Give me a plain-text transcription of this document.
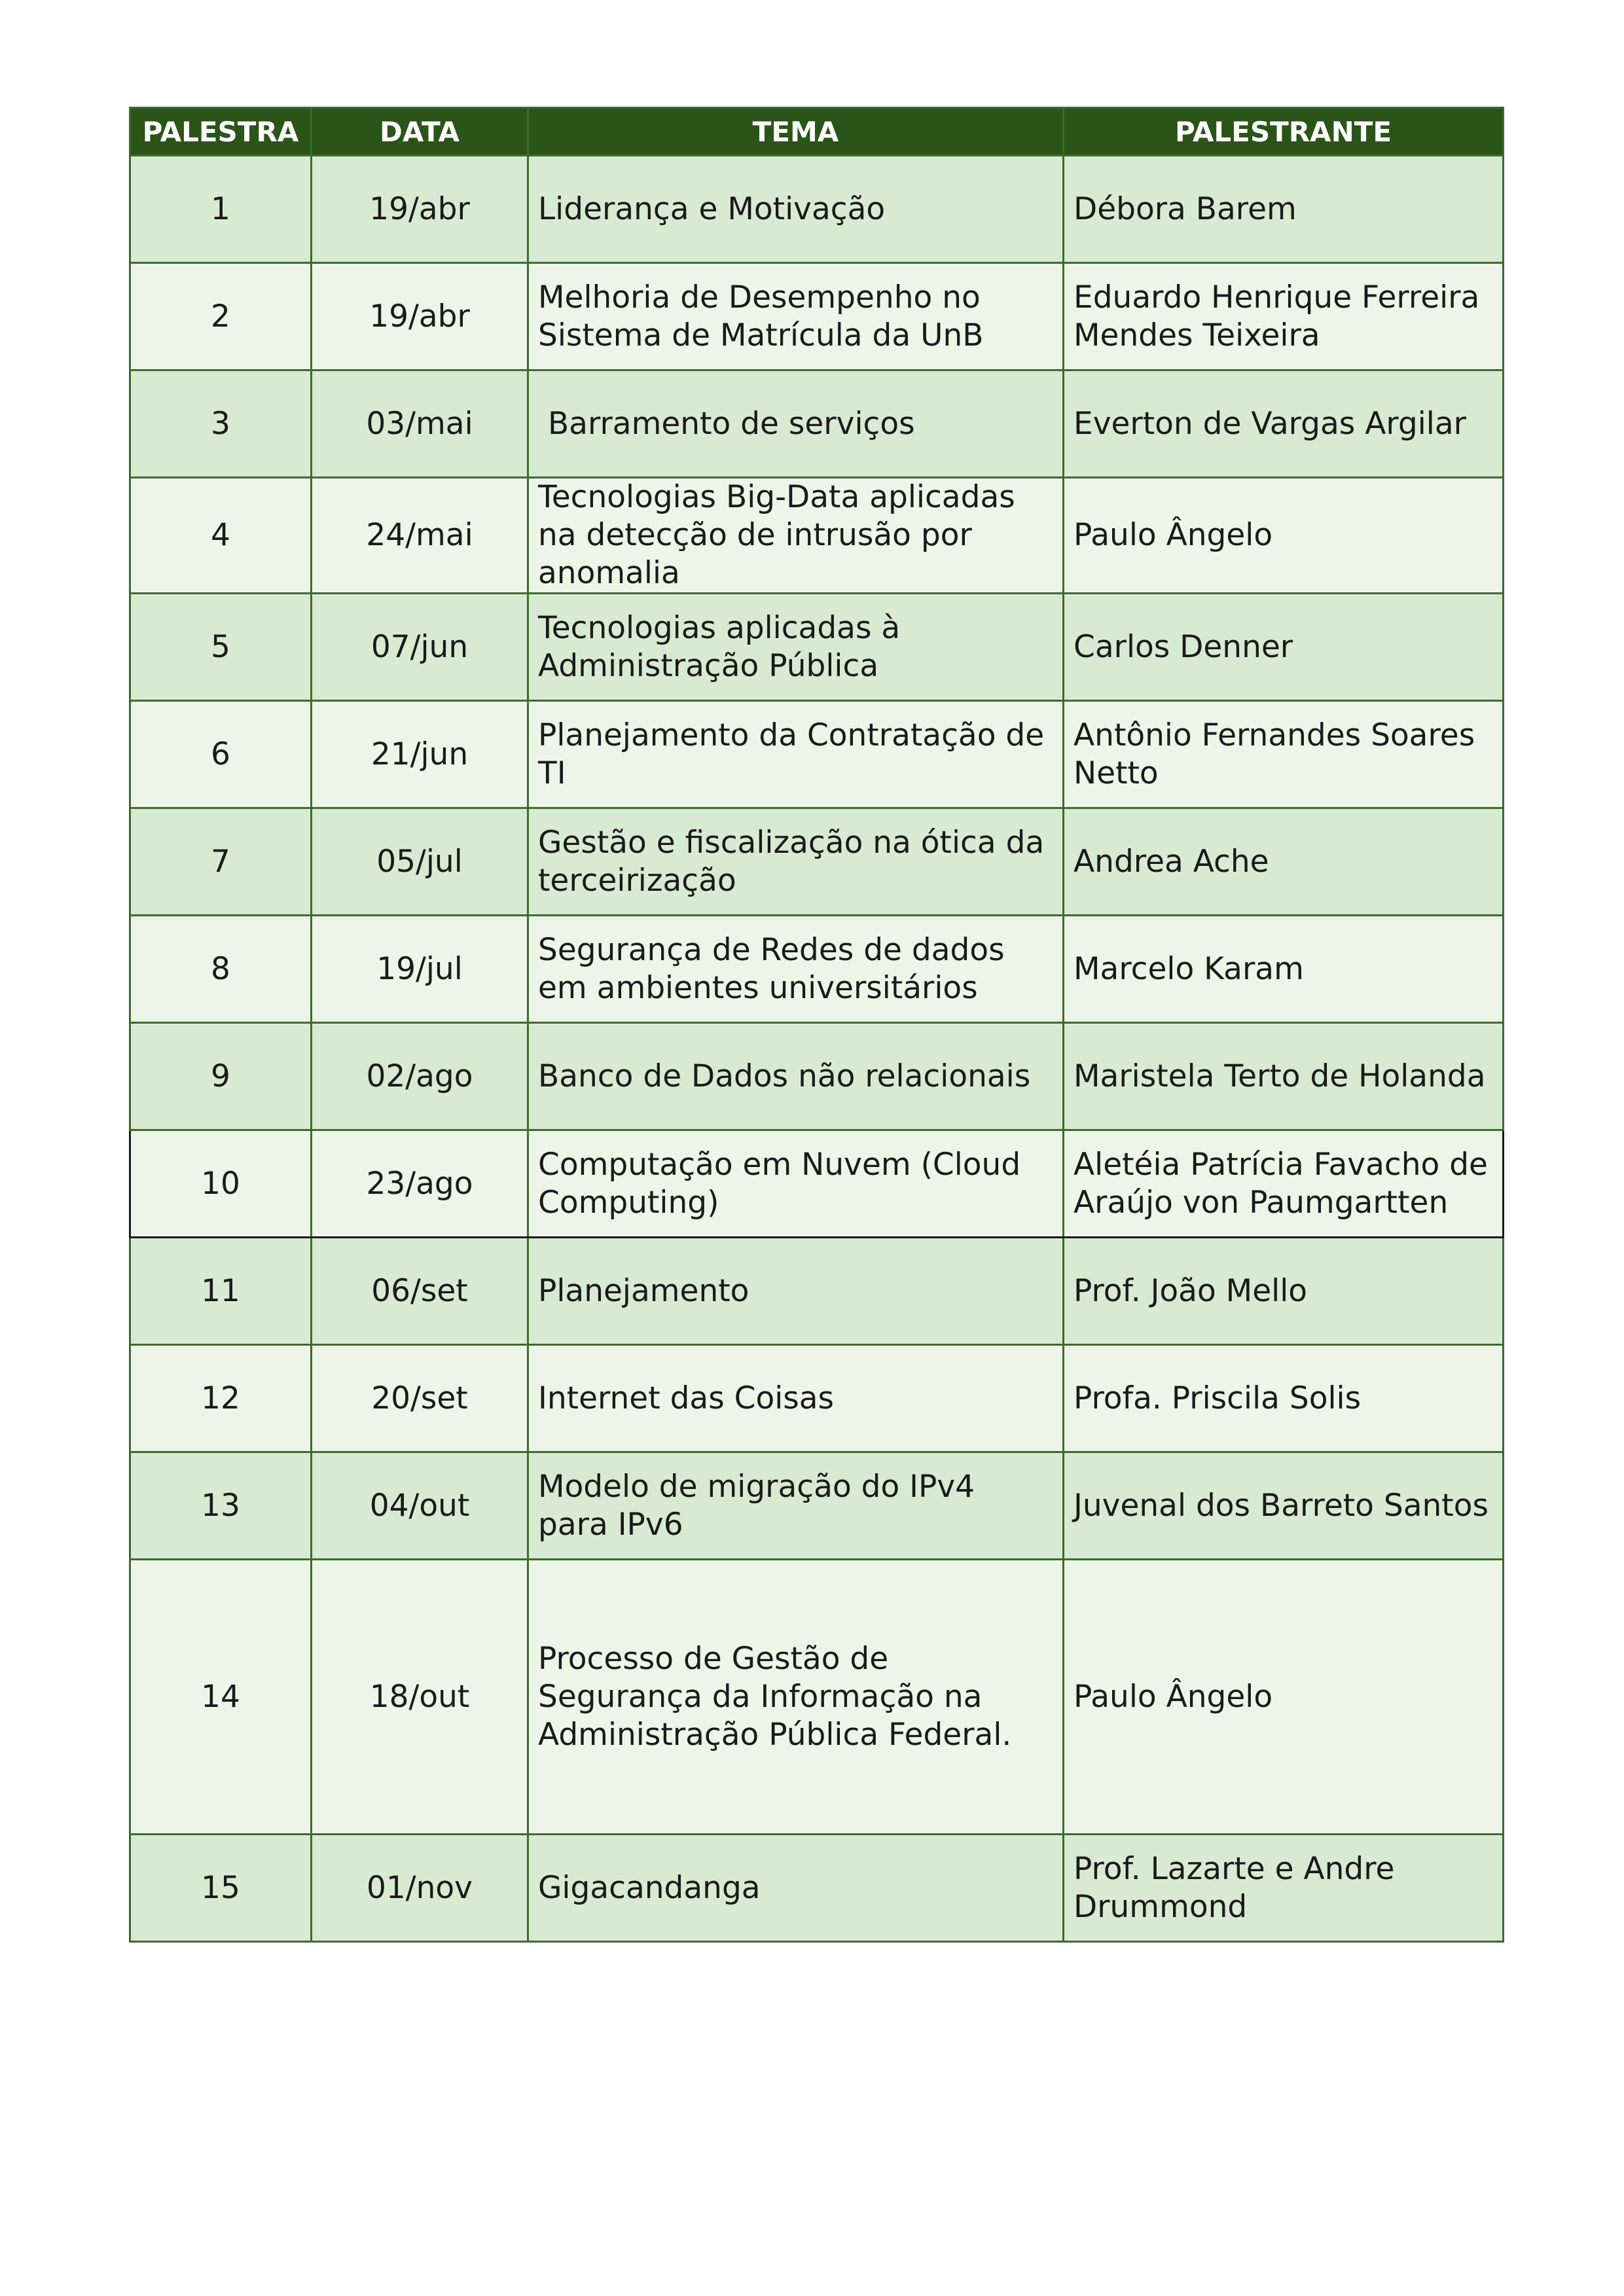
PALESTRA	DATA	TEMA	PALESTRANTE
1	19/abr	Liderança e Motivação	Débora Barem
2	19/abr	Melhoria de Desempenho no Sistema de Matrícula da UnB	Eduardo Henrique Ferreira Mendes Teixeira
3	03/mai	Barramento de serviços	Everton de Vargas Argilar
4	24/mai	Tecnologias Big-Data aplicadas na detecção de intrusão por anomalia	Paulo Ângelo
5	07/jun	Tecnologias aplicadas à Administração Pública	Carlos Denner
6	21/jun	Planejamento da Contratação de TI	Antônio Fernandes Soares Netto
7	05/jul	Gestão e fiscalização na ótica da terceirização	Andrea Ache
8	19/jul	Segurança de Redes de dados em ambientes universitários	Marcelo Karam
9	02/ago	Banco de Dados não relacionais	Maristela Terto de Holanda
10	23/ago	Computação em Nuvem (Cloud Computing)	Aletéia Patrícia Favacho de Araújo von Paumgartten
11	06/set	Planejamento	Prof. João Mello
12	20/set	Internet das Coisas	Profa. Priscila Solis
13	04/out	Modelo de migração do IPv4 para IPv6	Juvenal dos Barreto Santos
14	18/out	Processo de Gestão de Segurança da Informação na Administração Pública Federal.	Paulo Ângelo
15	01/nov	Gigacandanga	Prof. Lazarte e Andre Drummond
